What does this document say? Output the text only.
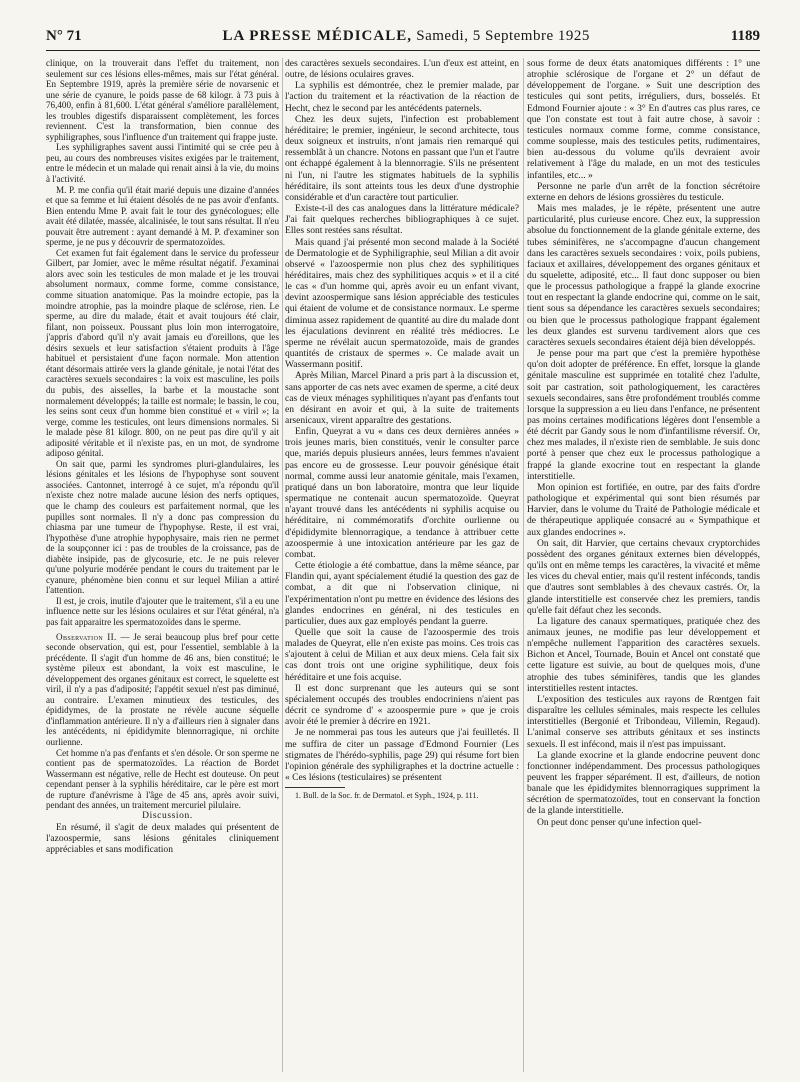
N° 71	LA PRESSE MÉDICALE, Samedi, 5 Septembre 1925	1189

clinique, on la trouverait dans l'effet du traitement, non seulement sur ces lésions elles-mêmes, mais sur l'état général. En Septembre 1919, après la première série de novarsenic et une série de cyanure, le poids passe de 68 kilogr. à 73 puis à 76,400, enfin à 81,600. L'état général s'améliore parallèlement, les troubles digestifs disparaissent complètement, les forces reviennent. C'est la transformation, bien connue des syphiligraphes, sous l'influence d'un traitement qui frappe juste.

Les syphiligraphes savent aussi l'intimité qui se crée peu à peu, au cours des nombreuses visites exigées par le traitement, entre le médecin et un malade qui renait ainsi à la vie, du moins à l'activité.

M. P. me confia qu'il était marié depuis une dizaine d'années et que sa femme et lui étaient désolés de ne pas avoir d'enfants. Bien entendu Mme P. avait fait le tour des gynécologues; elle avait été dilatée, massée, alcalinisée, le tout sans résultat. Il n'eu pouvait être autrement : ayant demandé à M. P. d'examiner son sperme, je ne pus y découvrir de spermatozoïdes.

Cet examen fut fait également dans le service du professeur Gilbert, par Jomier, avec le même résultat négatif. J'examinai alors avec soin les testicules de mon malade et je les trouvai absolument normaux, comme forme, comme consistance, comme situation anatomique. Pas la moindre ectopie, pas la moindre atrophie, pas la moindre plaque de sclérose, rien. Le sperme, au dire du malade, était et avait toujours été clair, filant, non poisseux. Poussant plus loin mon interrogatoire, j'appris d'abord qu'il n'y avait jamais eu d'oreillons, que les désirs sexuels et leur satisfaction s'étaient produits à l'âge habituel et persistaient d'une façon normale. Mon attention étant désormais attirée vers la glande génitale, je notai l'état des caractères sexuels secondaires : la voix est masculine, les poils du pubis, des aisselles, la barbe et la moustache sont normalement développés; la taille est normale; le bassin, le cou, les seins sont ceux d'un homme bien constitué et « viril »; la verge, comme les testicules, ont leurs dimensions normales. Si le malade pèse 81 kilogr. 800, on ne peut pas dire qu'il y ait adiposité véritable et il n'existe pas, en un mot, de syndrome adiposo génital.

On sait que, parmi les syndromes pluri-glandulaires, les lésions génitales et les lésions de l'hypophyse sont souvent associées. Cantonnet, interrogé à ce sujet, m'a répondu qu'il n'existe chez notre malade aucune lésion des nerfs optiques, que le champ des couleurs est parfaitement normal, que les pupilles sont normales. Il n'y a donc pas compression du chiasma par une tumeur de l'hypophyse. Reste, il est vrai, l'hypothèse d'une atrophie hypophysaire, mais rien ne permet de la soupçonner ici : pas de troubles de la croissance, pas de diabète insipide, pas de glycosurie, etc. Je ne puis relever qu'une polyurie modérée pendant le cours du traitement par le cyanure, phénomène bien connu et sur lequel Milian a attiré l'attention.

Il est, je crois, inutile d'ajouter que le traitement, s'il a eu une influence nette sur les lésions oculaires et sur l'état général, n'a pas fait apparaitre les spermatozoïdes dans le sperme.

Observation II. — Je serai beaucoup plus bref pour cette seconde observation, qui est, pour l'essentiel, semblable à la précédente. Il s'agit d'un homme de 46 ans, bien constitué; le système pileux est abondant, la voix est masculine, le développement des organes génitaux est correct, le squelette est viril, il n'y a pas d'adiposité; l'appétit sexuel n'est pas diminué, au contraire. L'examen minutieux des testicules, des épididymes, de la prostate ne révèle aucune séquelle d'inflammation antérieure. Il n'y a d'ailleurs rien à signaler dans les antécédents, ni épididymite blennorragique, ni orchite ourlienne.

Cet homme n'a pas d'enfants et s'en désole. Or son sperme ne contient pas de spermatozoïdes. La réaction de Bordet Wassermann est négative, relle de Hecht est douteuse. On peut cependant penser à la syphilis héréditaire, car le père est mort de rupture d'anévrisme à l'âge de 45 ans, après avoir suivi, pendant des années, un traitement mercuriel pilulaire.

Discussion.

En résumé, il s'agit de deux malades qui présentent de l'azoospermie, sans lésions génitales cliniquement appréciables et sans modification

des caractères sexuels secondaires. L'un d'eux est atteint, en outre, de lésions oculaires graves.

La syphilis est démontrée, chez le premier malade, par l'action du traitement et la réactivation de la réaction de Hecht, chez le second par les antécédents paternels.

Chez les deux sujets, l'infection est probablement héréditaire; le premier, ingénieur, le second architecte, tous deux soigneux et instruits, n'ont jamais rien remarqué qui ressemblât à un chancre. Notons en passant que l'un et l'autre ont échappé également à la blennorragie. S'ils ne présentent ni l'un, ni l'autre les stigmates habituels de la syphilis héréditaire, ils sont atteints tous les deux d'une dystrophie considérable et d'un caractère tout particulier.

Existe-t-il des cas analogues dans la littérature médicale? J'ai fait quelques recherches bibliographiques à ce sujet. Elles sont restées sans résultat.

Mais quand j'ai présenté mon second malade à la Société de Dermatologie et de Syphiligraphie, seul Milian a dit avoir observé « l'azoospermie non plus chez des syphilitiques héréditaires, mais chez des syphilitiques acquis » et il a cité le cas « d'un homme qui, après avoir eu un enfant vivant, devint azoospermique sans lésion appréciable des testicules qui étaient de volume et de consistance normaux. Le sperme diminua assez rapidement de quantité au dire du malade dont les éjaculations devinrent en réalité très médiocres. Le sperme ne révélait aucun spermatozoïde, mais de grandes quantités de cristaux de spermes ». Ce malade avait un Wassermann positif.

Après Milian, Marcel Pinard a pris part à la discussion et, sans apporter de cas nets avec examen de sperme, a cité deux cas de vieux ménages syphilitiques n'ayant pas d'enfants tout en désirant en avoir et qui, à la suite de traitements arsenicaux, virent apparaître des gestations.

Enfin, Queyrat a vu « dans ces deux dernières années » trois jeunes maris, bien constitués, venir le consulter parce que, mariés depuis plusieurs années, leurs femmes n'avaient pas encore eu de grossesse. Leur pouvoir génésique était normal, comme aussi leur anatomie génitale, mais l'examen, pratiqué dans un bon laboratoire, montra que leur liquide spermatique ne contenait aucun spermatozoïde. Queyrat n'ayant trouvé dans les antécédents ni syphilis acquise ou héréditaire, ni commémoratifs d'orchite ourlienne ou d'épididymite blennorragique, a tendance à attribuer cette azoospermie à une intoxication antérieure par les gaz de combat.

Cette étiologie a été combattue, dans la même séance, par Flandin qui, ayant spécialement étudié la question des gaz de combat, a dit que ni l'observation clinique, ni l'expérimentation n'ont pu mettre en évidence des lésions des glandes endocrines en général, ni des testicules en particulier, dues aux gaz employés pendant la guerre.

Quelle que soit la cause de l'azoospermie des trois malades de Queyrat, elle n'en existe pas moins. Ces trois cas s'ajoutent à celui de Milian et aux deux miens. Cela fait six cas dont trois ont une origine syphilitique, deux fois héréditaire et une fois acquise.

Il est donc surprenant que les auteurs qui se sont spécialement occupés des troubles endocriniens n'aient pas décrit ce syndrome d' « azoospermie pure » que je crois avoir été le premier à décrire en 1921.

Je ne nommerai pas tous les auteurs que j'ai feuilletés. Il me suffira de citer un passage d'Edmond Fournier (Les stigmates de l'hérédo-syphilis, page 29) qui résume fort bien l'opinion générale des syphiligraphes et la doctrine actuelle : « Ces lésions (testiculaires) se présentent

1. Bull. de la Soc. fr. de Dermatol. et Syph., 1924, p. 111.

sous forme de deux états anatomiques différents : 1° une atrophie sclérosique de l'organe et 2° un défaut de développement de l'organe. » Suit une description des testicules qui sont petits, irréguliers, durs, bosselés. Et Edmond Fournier ajoute : « 3° En d'autres cas plus rares, ce que l'on constate est tout à fait autre chose, à savoir : testicules normaux comme forme, comme consistance, comme souplesse, mais des testicules petits, rudimentaires, bien au-dessous du volume qu'ils devraient avoir relativement à l'âge du malade, en un mot des testicules infantiles, etc... »

Personne ne parle d'un arrêt de la fonction sécrétoire externe en dehors de lésions grossières du testicule.

Mais mes malades, je le répète, présentent une autre particularité, plus curieuse encore. Chez eux, la suppression absolue du fonctionnement de la glande génitale externe, des tubes séminifères, ne s'accompagne d'aucun changement dans les caractères sexuels secondaires : voix, poils pubiens, faciaux et axillaires, développement des organes génitaux et du squelette, adiposité, etc... Il faut donc supposer ou bien que le processus pathologique a frappé la glande exocrine tout en respectant la glande endocrine qui, comme on le sait, tient sous sa dépendance les caractères sexuels secondaires; ou bien que le processus pathologique frappant également les deux glandes est survenu tardivement alors que ces caractères sexuels secondaires étaient déjà bien développés.

Je pense pour ma part que c'est la première hypothèse qu'on doit adopter de préférence. En effet, lorsque la glande génitale masculine est supprimée en totalité chez l'adulte, soit par castration, soit pathologiquement, les caractères sexuels secondaires, sans être profondément troublés comme lorsque la suppression a eu lieu dans l'enfance, ne présentent pas moins certaines modifications légères dont l'ensemble a été décrit par Gandy sous le nom d'infantilisme réversif. Or, chez mes malades, il n'existe rien de semblable. Je suis donc porté à penser que chez eux le processus pathologique a frappé la glande exocrine tout en respectant la glande interstitielle.

Mon opinion est fortifiée, en outre, par des faits d'ordre pathologique et expérimental qui sont bien résumés par Harvier, dans le volume du Traité de Pathologie médicale et de thérapeutique appliquée consacré au « Sympathique et aux glandes endocrines ».

On sait, dit Harvier, que certains chevaux cryptorchides possèdent des organes génitaux externes bien développés, qu'ils ont en même temps les caractères, la vivacité et même les vices du cheval entier, mais qu'il restent inféconds, tandis que d'autres sont semblables à des chevaux castrés. Or, la glande interstitielle est conservée chez les premiers, tandis qu'elle fait défaut chez les seconds.

La ligature des canaux spermatiques, pratiquée chez des animaux jeunes, ne modifie pas leur développement et n'empêche nullement l'apparition des caractères sexuels. Bichon et Ancel, Tournade, Bouin et Ancel ont constaté que cette ligature est suivie, au bout de quelques mois, d'une atrophie des tubes séminifères, tandis que les glandes interstitielles restent intactes.

L'exposition des testicules aux rayons de Rœntgen fait disparaître les cellules séminales, mais respecte les cellules interstitielles (Bergonié et Tribondeau, Villemin, Regaud). L'animal conserve ses attributs génitaux et ses instincts sexuels. Il est infécond, mais il n'est pas impuissant.

La glande exocrine et la glande endocrine peuvent donc fonctionner indépendamment. Des processus pathologiques peuvent les frapper séparément. Il est, d'ailleurs, de notion banale que les épididymites blennorragiques suppriment la sécrétion de spermatozoïdes, tout en conservant la fonction de la glande interstitielle.

On peut donc penser qu'une infection quel-
